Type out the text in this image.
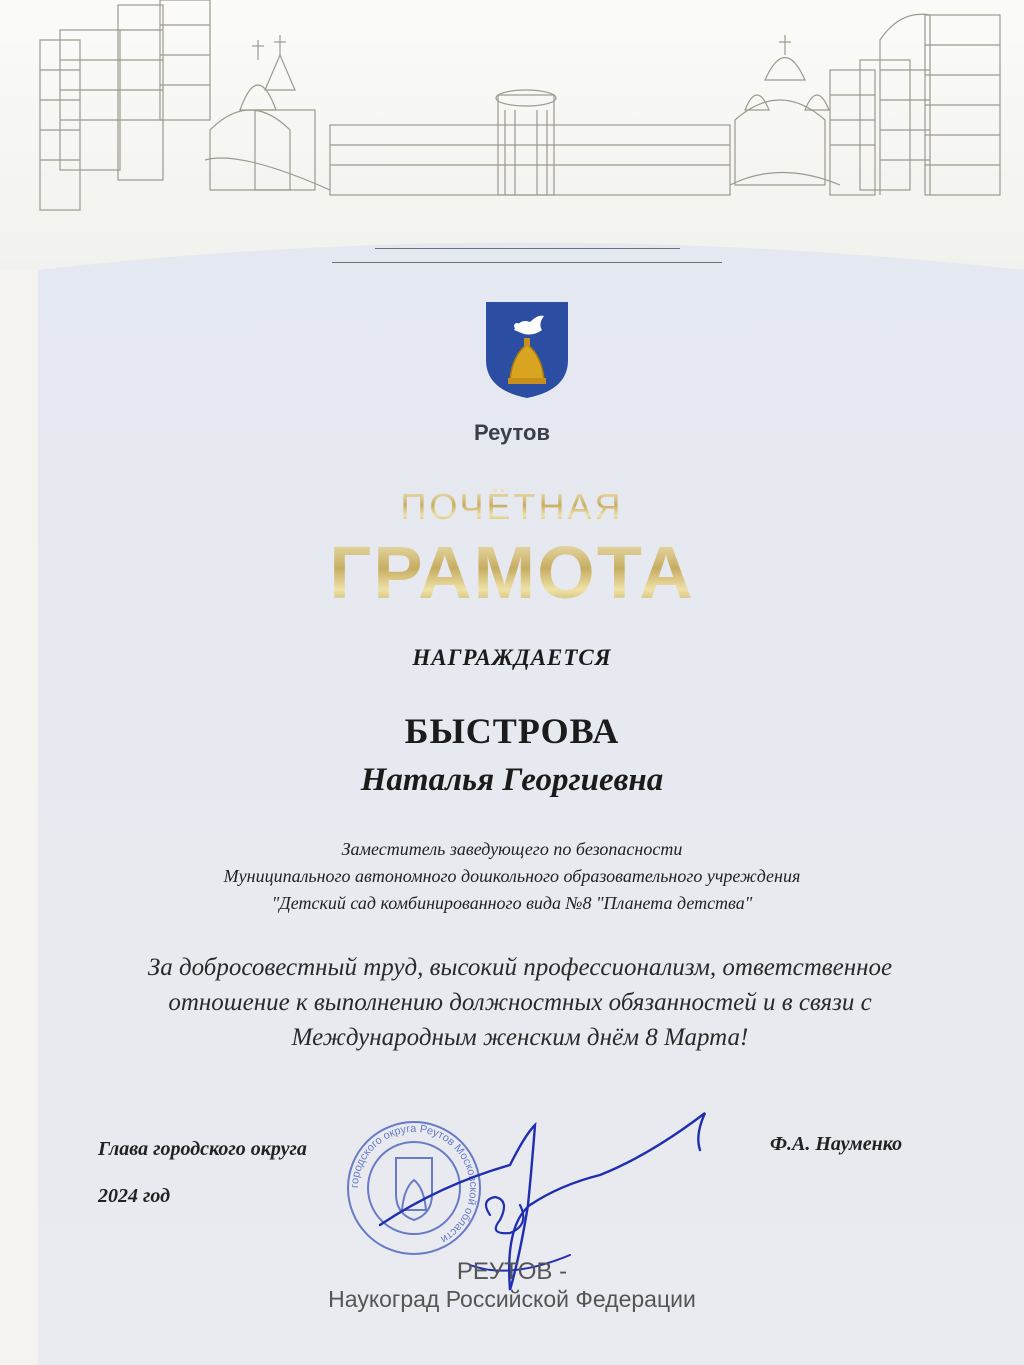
Реутов
ПОЧЁТНАЯ
ГРАМОТА
НАГРАЖДАЕТСЯ
БЫСТРОВА
Наталья Георгиевна
Заместитель заведующего по безопасности
Муниципального автономного дошкольного образовательного учреждения
"Детский сад комбинированного вида №8 "Планета детства"
За добросовестный труд, высокий профессионализм, ответственное
отношение к выполнению должностных обязанностей и в связи с
Международным женским днём 8 Марта!
Глава городского округа
2024 год
Ф.А. Науменко
городского округа Реутов Московской области
РЕУТОВ -
Наукоград Российской Федерации
